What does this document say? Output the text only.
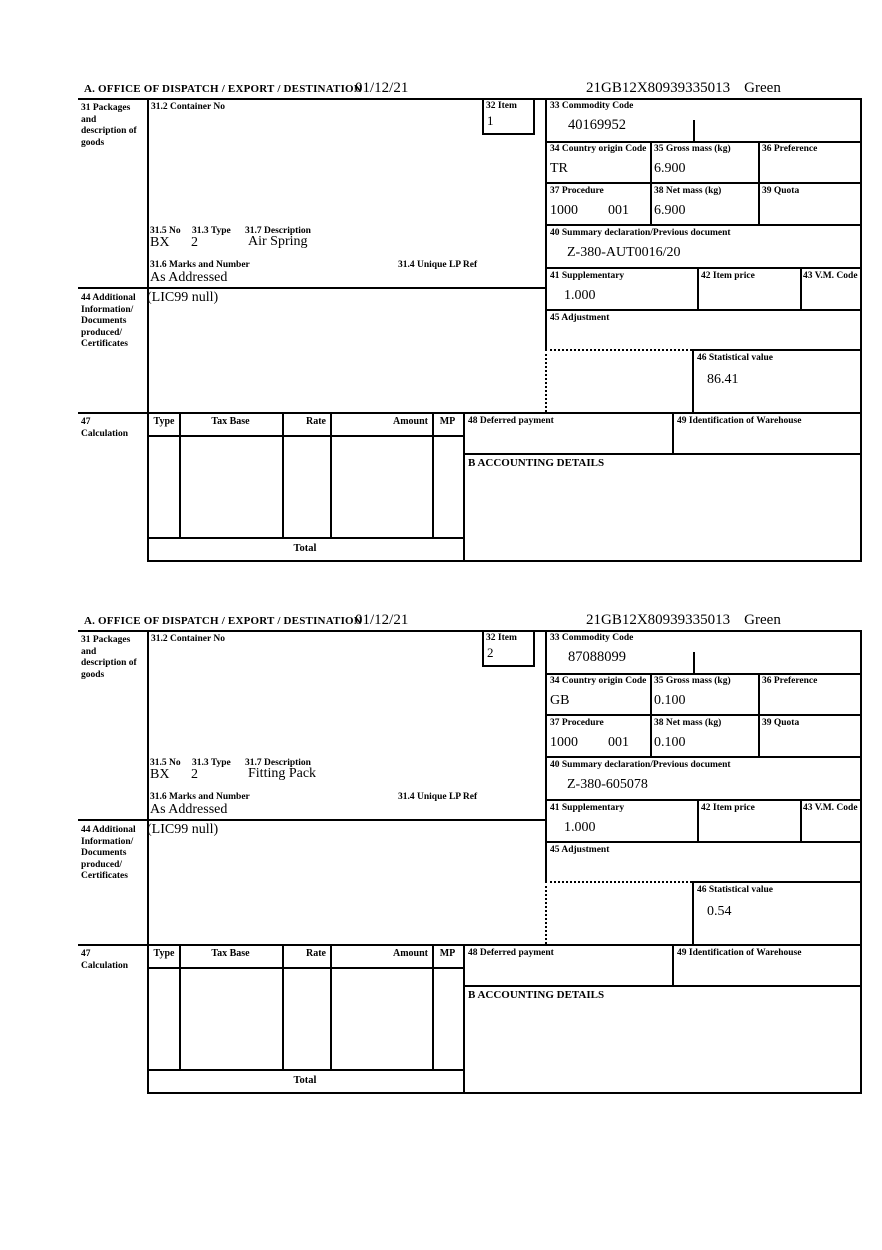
A. OFFICE OF DISPATCH / EXPORT / DESTINATION
01/12/21	21GB12X80939335013 Green
31 Packages and description of goods
31.2 Container No	32 Item
1
31.5 No 31.3 Type 31.7 Description
BX 2	Air Spring
31.6 Marks and Number	31.4 Unique LP Ref
As Addressed
44 Additional Information/ Documents produced/ Certificates
(LIC99 null)
33 Commodity Code
40169952
34 Country origin Code
TR
35 Gross mass (kg)
6.900
36 Preference
37 Procedure
1000 001
38 Net mass (kg)
6.900
39 Quota
40 Summary declaration/Previous document
Z-380-AUT0016/20
41 Supplementary
1.000
42 Item price	43 V.M. Code
45 Adjustment
46 Statistical value
86.41
47 Calculation
Type	Tax Base	Rate	Amount	MP
Total
48 Deferred payment	49 Identification of Warehouse
B ACCOUNTING DETAILS
A. OFFICE OF DISPATCH / EXPORT / DESTINATION
01/12/21	21GB12X80939335013 Green
31 Packages and description of goods
31.2 Container No	32 Item
2
31.5 No 31.3 Type 31.7 Description
BX 2	Fitting Pack
31.6 Marks and Number	31.4 Unique LP Ref
As Addressed
44 Additional Information/ Documents produced/ Certificates
(LIC99 null)
33 Commodity Code
87088099
34 Country origin Code
GB
35 Gross mass (kg)
0.100
36 Preference
37 Procedure
1000 001
38 Net mass (kg)
0.100
39 Quota
40 Summary declaration/Previous document
Z-380-605078
41 Supplementary
1.000
42 Item price	43 V.M. Code
45 Adjustment
46 Statistical value
0.54
47 Calculation
Type	Tax Base	Rate	Amount	MP
Total
48 Deferred payment	49 Identification of Warehouse
B ACCOUNTING DETAILS
